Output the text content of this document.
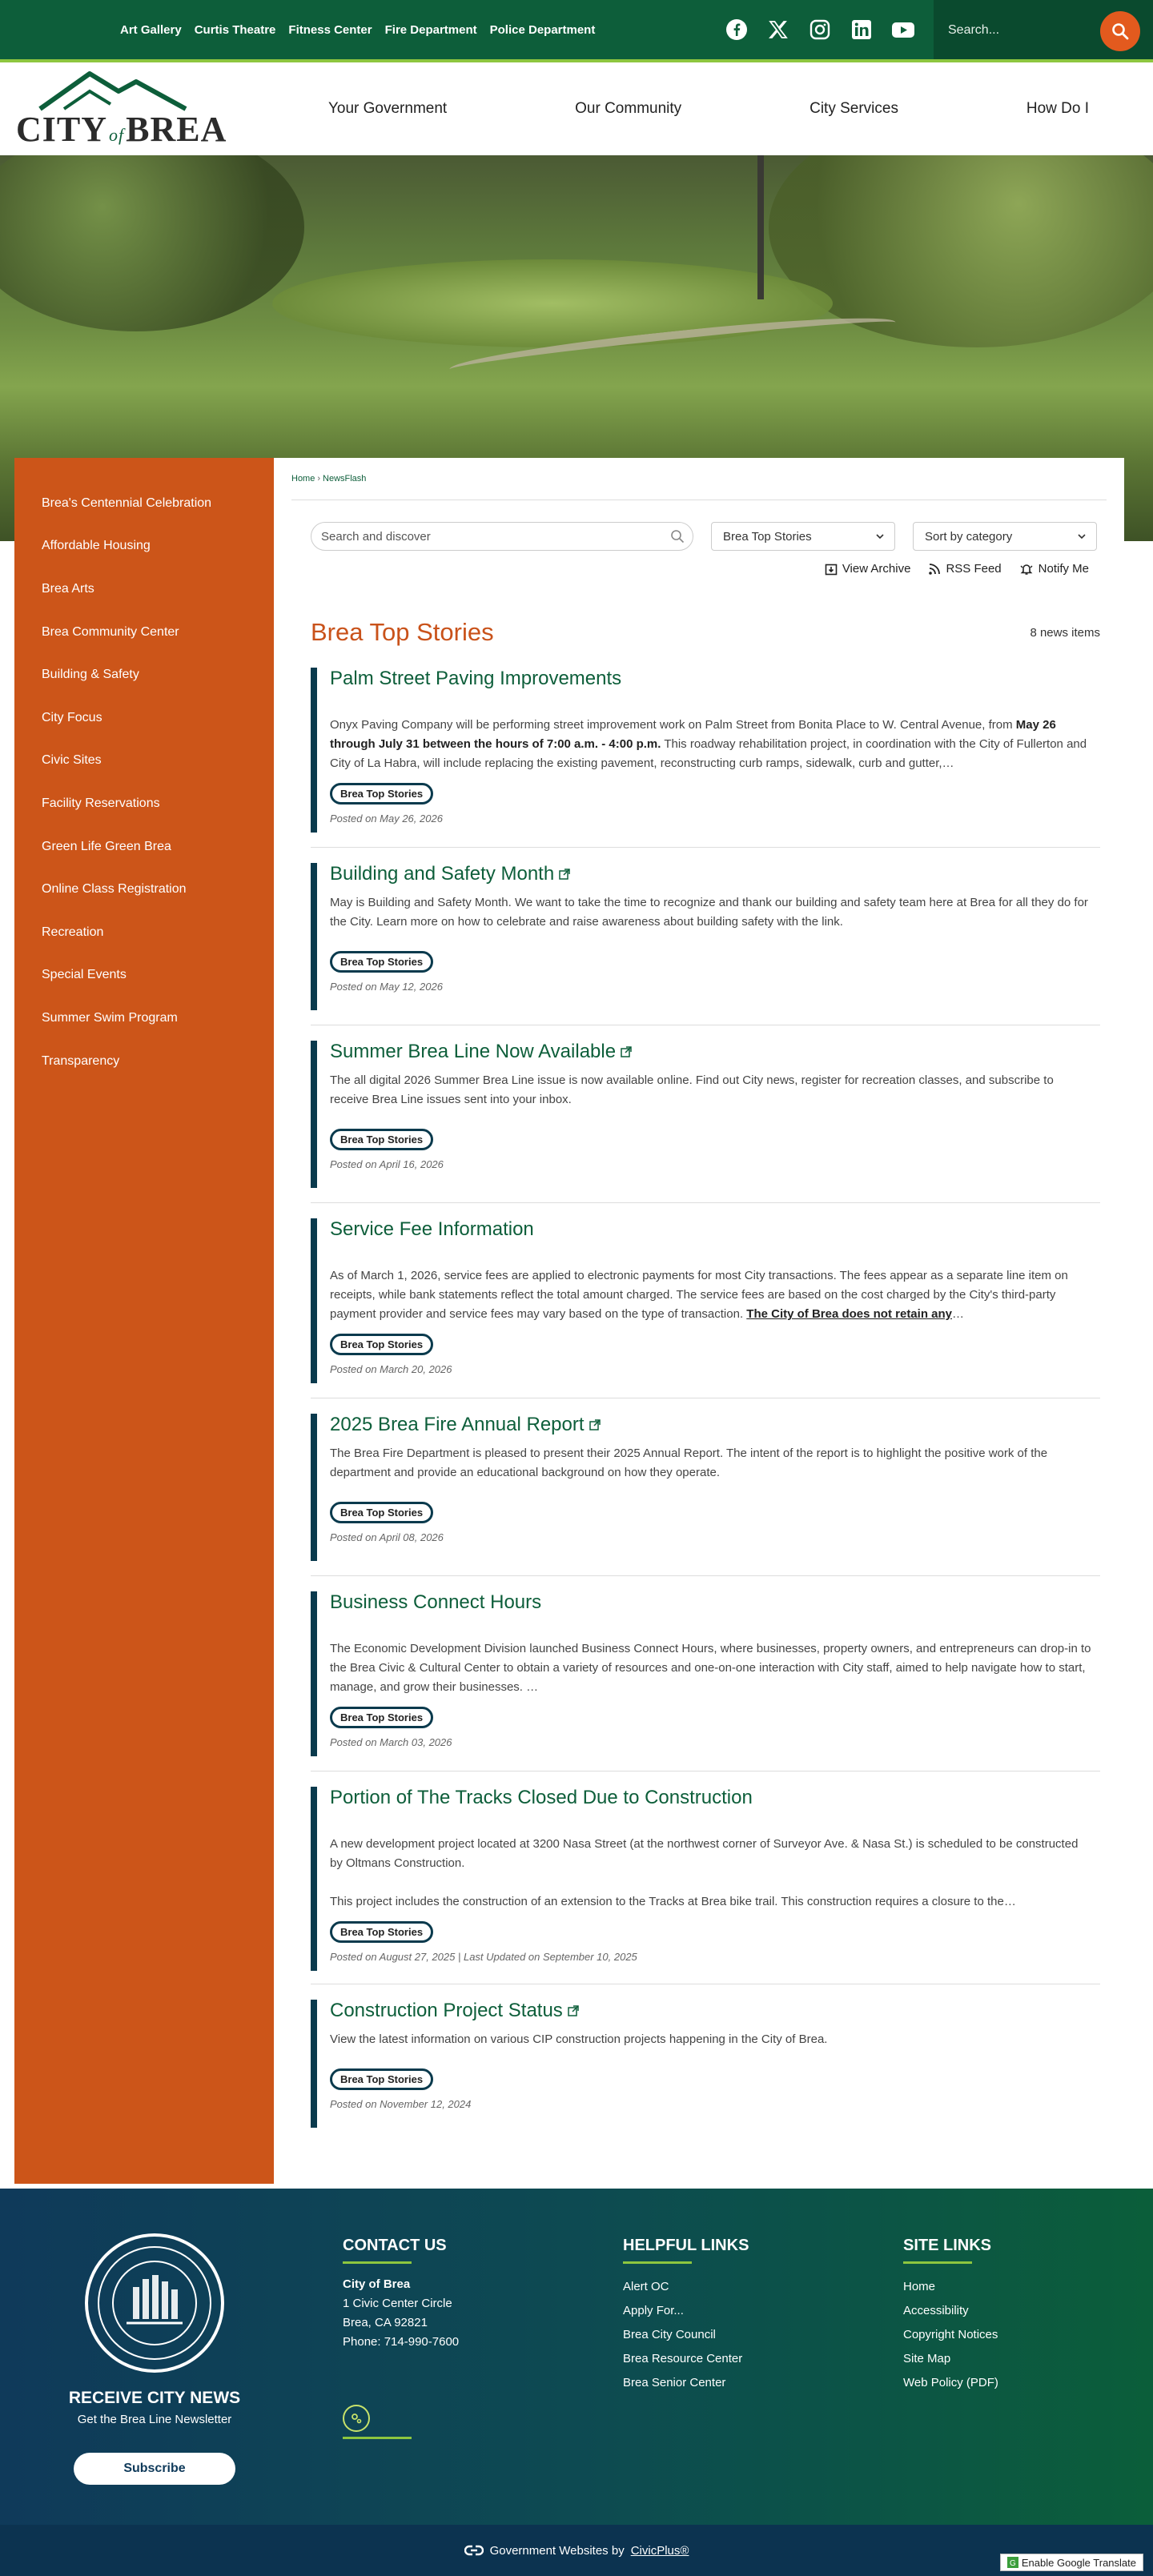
Art Gallery Curtis Theatre Fitness Center Fire Department Police Department
Search...
CITYofBREA
Your Government	Our Community	City Services	How Do I
Brea's Centennial Celebration
Affordable Housing
Brea Arts
Brea Community Center
Building & Safety
City Focus
Civic Sites
Facility Reservations
Green Life Green Brea
Online Class Registration
Recreation
Special Events
Summer Swim Program
Transparency
Home › NewsFlash
Search and discover
Brea Top Stories	Sort by category
View Archive	RSS Feed	Notify Me
Brea Top Stories	8 news items
Palm Street Paving Improvements

Onyx Paving Company will be performing street improvement work on Palm Street from Bonita Place to W. Central Avenue, from May 26 through July 31 between the hours of 7:00 a.m. - 4:00 p.m. This roadway rehabilitation project, in coordination with the City of Fullerton and City of La Habra, will include replacing the existing pavement, reconstructing curb ramps, sidewalk, curb and gutter,…

Brea Top Stories
Posted on May 26, 2026
Building and Safety Month

May is Building and Safety Month. We want to take the time to recognize and thank our building and safety team here at Brea for all they do for the City. Learn more on how to celebrate and raise awareness about building safety with the link.

Brea Top Stories
Posted on May 12, 2026
Summer Brea Line Now Available

The all digital 2026 Summer Brea Line issue is now available online. Find out City news, register for recreation classes, and subscribe to receive Brea Line issues sent into your inbox.

Brea Top Stories
Posted on April 16, 2026
Service Fee Information

As of March 1, 2026, service fees are applied to electronic payments for most City transactions. The fees appear as a separate line item on receipts, while bank statements reflect the total amount charged. The service fees are based on the cost charged by the City's third-party payment provider and service fees may vary based on the type of transaction. The City of Brea does not retain any…

Brea Top Stories
Posted on March 20, 2026
2025 Brea Fire Annual Report

The Brea Fire Department is pleased to present their 2025 Annual Report. The intent of the report is to highlight the positive work of the department and provide an educational background on how they operate.

Brea Top Stories
Posted on April 08, 2026
Business Connect Hours

The Economic Development Division launched Business Connect Hours, where businesses, property owners, and entrepreneurs can drop-in to the Brea Civic & Cultural Center to obtain a variety of resources and one-on-one interaction with City staff, aimed to help navigate how to start, manage, and grow their businesses. …

Brea Top Stories
Posted on March 03, 2026
Portion of The Tracks Closed Due to Construction

A new development project located at 3200 Nasa Street (at the northwest corner of Surveyor Ave. & Nasa St.) is scheduled to be constructed by Oltmans Construction.

This project includes the construction of an extension to the Tracks at Brea bike trail. This construction requires a closure to the…

Brea Top Stories
Posted on August 27, 2025 | Last Updated on September 10, 2025
Construction Project Status

View the latest information on various CIP construction projects happening in the City of Brea.

Brea Top Stories
Posted on November 12, 2024
RECEIVE CITY NEWS
Get the Brea Line Newsletter
Subscribe
CONTACT US
City of Brea
1 Civic Center Circle
Brea, CA 92821
Phone: 714-990-7600
HELPFUL LINKS
Alert OC
Apply For...
Brea City Council
Brea Resource Center
Brea Senior Center
SITE LINKS
Home
Accessibility
Copyright Notices
Site Map
Web Policy (PDF)
Government Websites by CivicPlus®
G Enable Google Translate
